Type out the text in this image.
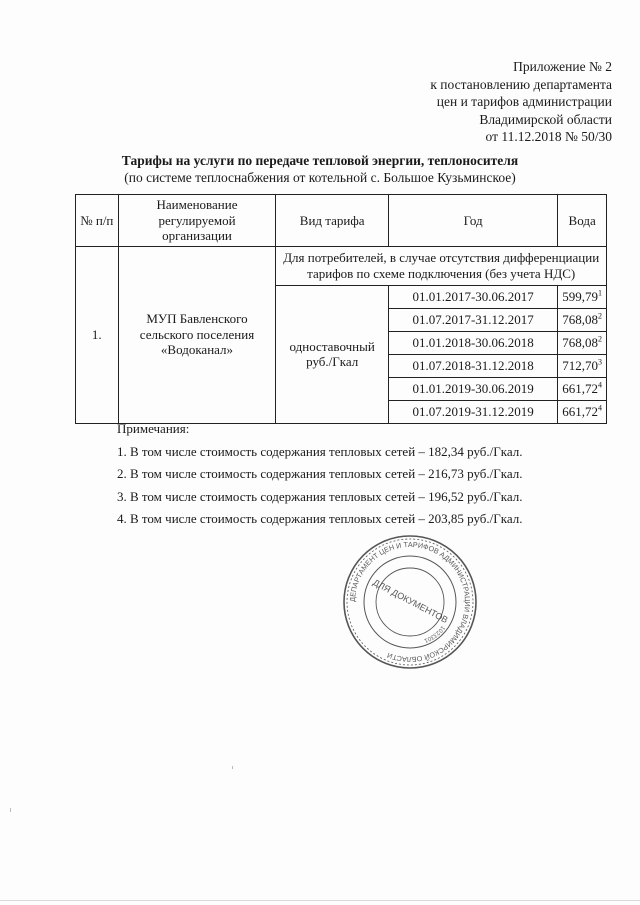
Приложение № 2
к постановлению департамента
цен и тарифов администрации
Владимирской области
от 11.12.2018 № 50/30
Тарифы на услуги по передаче тепловой энергии, теплоносителя
(по системе теплоснабжения от котельной с. Большое Кузьминское)
№ п/п	Наименование регулируемой организации	Вид тарифа	Год	Вода
1.	МУП Бавленского сельского поселения «Водоканал»	Для потребителей, в случае отсутствия дифференциации тарифов по схеме подключения (без учета НДС)		
		одноставочный руб./Гкал	01.01.2017-30.06.2017	599,79$^1$
			01.07.2017-31.12.2017	768,08$^2$
			01.01.2018-30.06.2018	768,08$^2$
			01.07.2018-31.12.2018	712,70$^3$
			01.01.2019-30.06.2019	661,72$^4$
			01.07.2019-31.12.2019	661,72$^4$
Примечания:
1. В том числе стоимость содержания тепловых сетей – 182,34 руб./Гкал.
2. В том числе стоимость содержания тепловых сетей – 216,73 руб./Гкал.
3. В том числе стоимость содержания тепловых сетей – 196,52 руб./Гкал.
4. В том числе стоимость содержания тепловых сетей – 203,85 руб./Гкал.
ДЕПАРТАМЕНТ ЦЕН И ТАРИФОВ АДМИНИСТРАЦИИ ВЛАДИМИРСКОЙ ОБЛАСТИ
1023301
ДЛЯ ДОКУМЕНТОВ
